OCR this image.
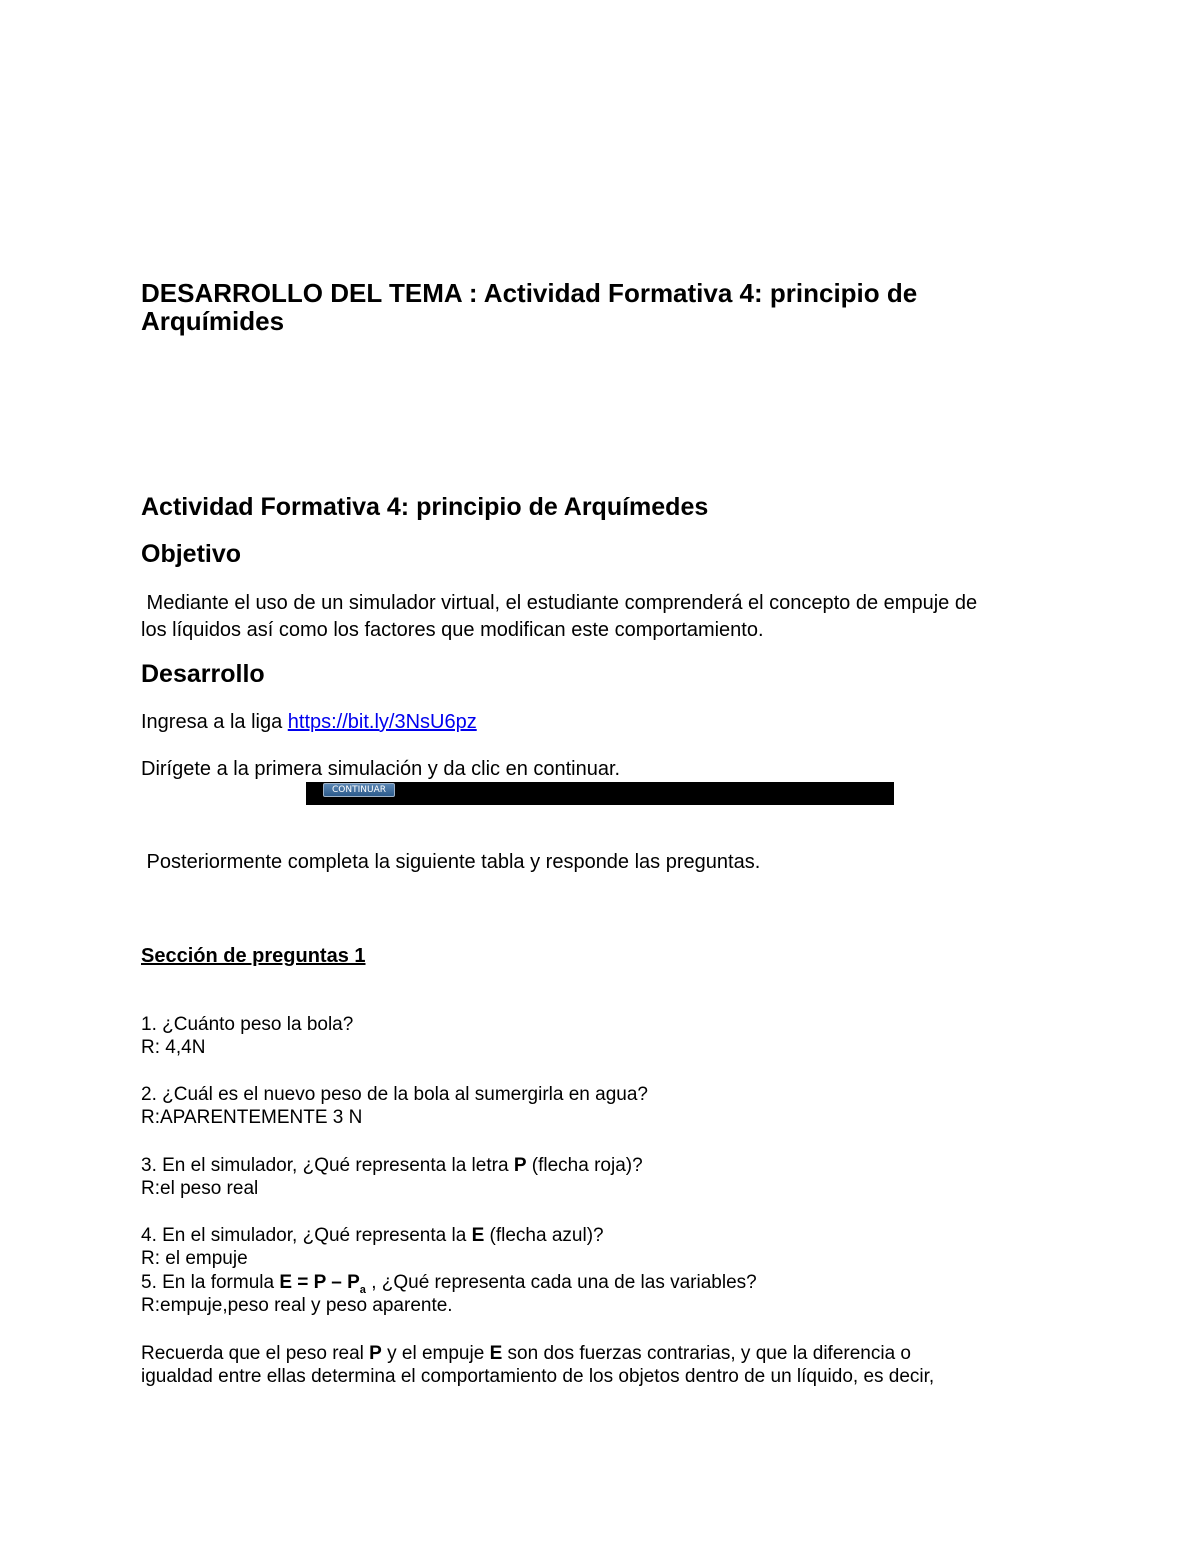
DESARROLLO DEL TEMA : Actividad Formativa 4: principio de Arquímides
Actividad Formativa 4: principio de Arquímedes
Objetivo

Mediante el uso de un simulador virtual, el estudiante comprenderá el concepto de empuje de

los líquidos así como los factores que modifican este comportamiento.

Desarrollo

Ingresa a la liga https://bit.ly/3NsU6pz

Dirígete a la primera simulación y da clic en continuar.

CONTINUAR

Posteriormente completa la siguiente tabla y responde las preguntas.

Sección de preguntas 1

1. ¿Cuánto peso la bola?

R: 4,4N

2. ¿Cuál es el nuevo peso de la bola al sumergirla en agua?

R:APARENTEMENTE 3 N

3. En el simulador, ¿Qué representa la letra P (flecha roja)?

R:el peso real

4. En el simulador, ¿Qué representa la E (flecha azul)?

R: el empuje

5. En la formula $E = P - P_a$ , ¿Qué representa cada una de las variables?

R:empuje,peso real y peso aparente.

Recuerda que el peso real P y el empuje E son dos fuerzas contrarias, y que la diferencia o

igualdad entre ellas determina el comportamiento de los objetos dentro de un líquido, es decir,
